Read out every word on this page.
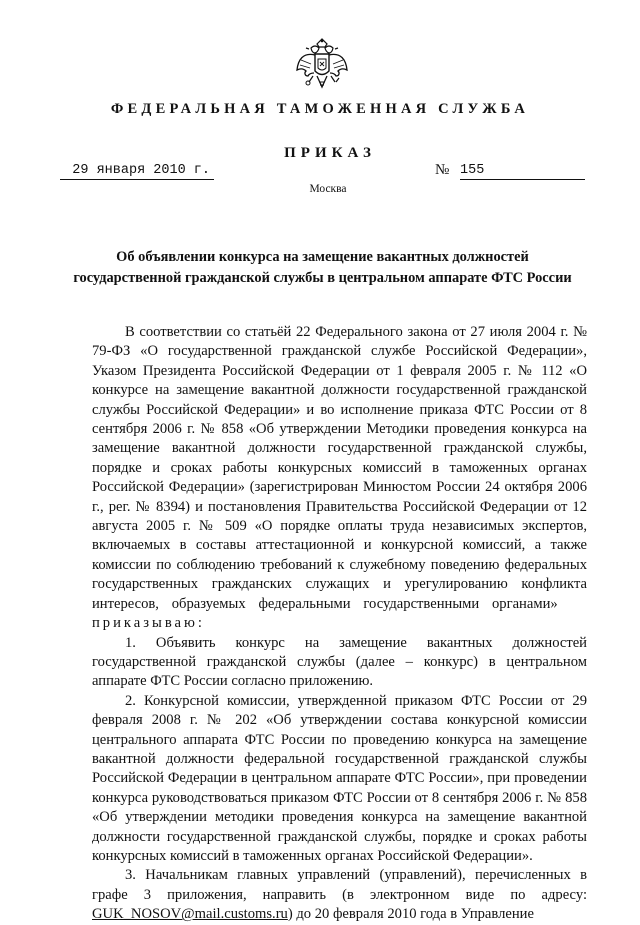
ФЕДЕРАЛЬНАЯ ТАМОЖЕННАЯ СЛУЖБА
ПРИКАЗ
29 января 2010 г.	№ 155
Москва
Об объявлении конкурса на замещение вакантных должностей
государственной гражданской службы в центральном аппарате ФТС России

В соответствии со статьёй 22 Федерального закона от 27 июля 2004 г. № 79-ФЗ «О государственной гражданской службе Российской Федерации», Указом Президента Российской Федерации от 1 февраля 2005 г. № 112 «О конкурсе на замещение вакантной должности государственной гражданской службы Российской Федерации» и во исполнение приказа ФТС России от 8 сентября 2006 г. № 858 «Об утверждении Методики проведения конкурса на замещение вакантной должности государственной гражданской службы, порядке и сроках работы конкурсных комиссий в таможенных органах Российской Федерации» (зарегистрирован Минюстом России 24 октября 2006 г., рег. № 8394) и постановления Правительства Российской Федерации от 12 августа 2005 г. № 509 «О порядке оплаты труда независимых экспертов, включаемых в составы аттестационной и конкурсной комиссий, а также комиссии по соблюдению требований к служебному поведению федеральных государственных гражданских служащих и урегулированию конфликта интересов, образуемых федеральными государственными органами»    приказываю:

1. Объявить конкурс на замещение вакантных должностей государственной гражданской службы (далее – конкурс) в центральном аппарате ФТС России согласно приложению.

2. Конкурсной комиссии, утвержденной приказом ФТС России от 29 февраля 2008 г. № 202 «Об утверждении состава конкурсной комиссии центрального аппарата ФТС России по проведению конкурса на замещение вакантной должности федеральной государственной гражданской службы Российской Федерации в центральном аппарате ФТС России», при проведении конкурса руководствоваться приказом ФТС России от 8 сентября 2006 г. № 858 «Об утверждении методики проведения конкурса на замещение вакантной должности государственной гражданской службы, порядке и сроках работы конкурсных комиссий в таможенных органах Российской Федерации».

3. Начальникам главных управлений (управлений), перечисленных в графе 3 приложения, направить (в электронном виде по адресу: GUK_NOSOV@mail.customs.ru) до 20 февраля 2010 года в Управление
